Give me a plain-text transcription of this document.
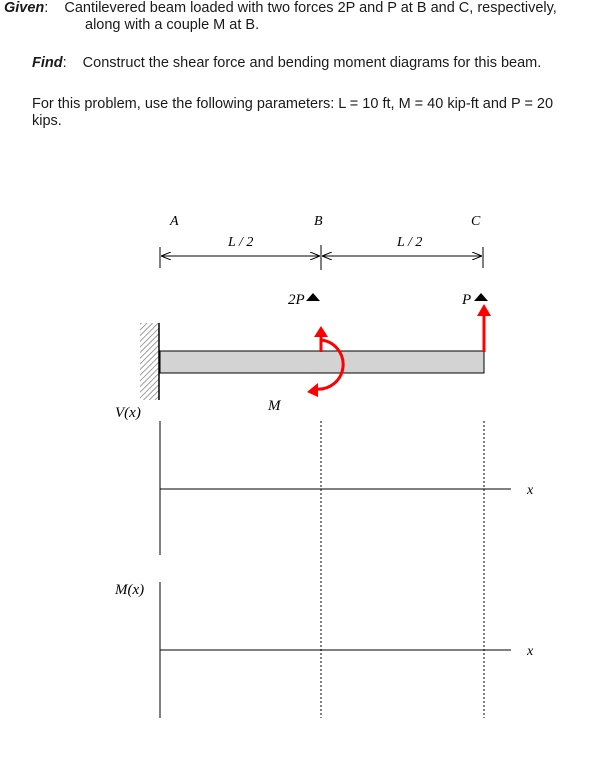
Given: Cantilevered beam loaded with two forces 2P and P at B and C, respectively,
along with a couple M at B.
Find: Construct the shear force and bending moment diagrams for this beam.
For this problem, use the following parameters: L = 10 ft, M = 40 kip-ft and P = 20
kips.
A	B	C
L / 2	L / 2
2P	P
M
V(x)
x
M(x)
x
